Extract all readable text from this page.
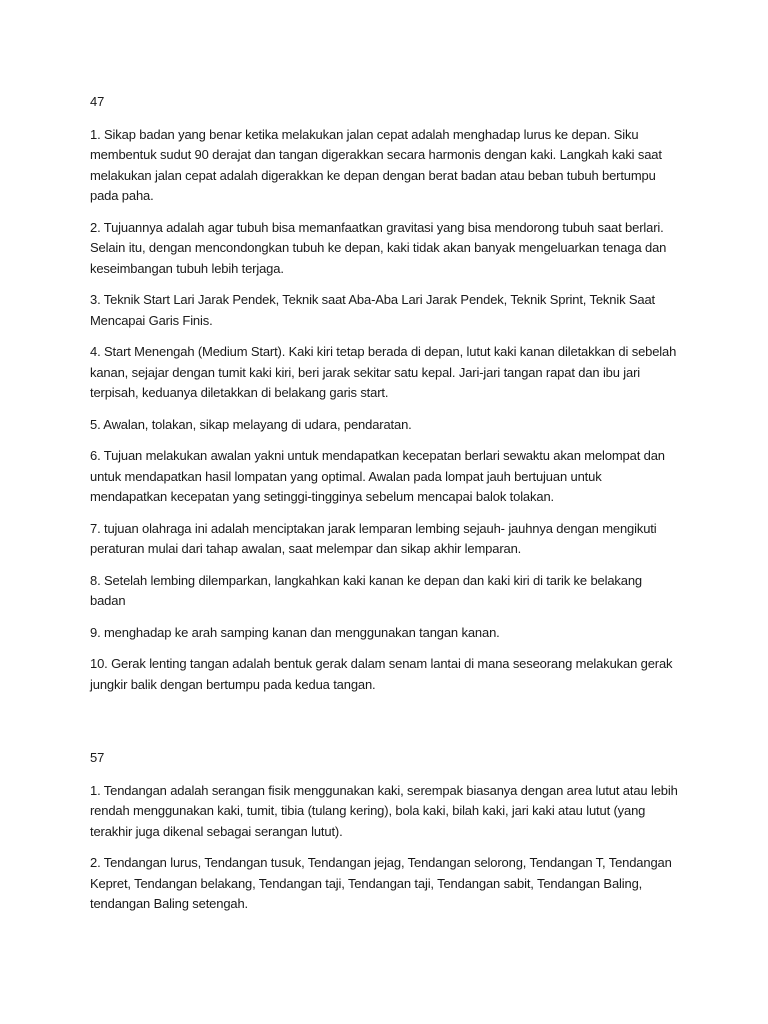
47

1. Sikap badan yang benar ketika melakukan jalan cepat adalah menghadap lurus ke depan. Siku membentuk sudut 90 derajat dan tangan digerakkan secara harmonis dengan kaki. Langkah kaki saat melakukan jalan cepat adalah digerakkan ke depan dengan berat badan atau beban tubuh bertumpu pada paha.

2. Tujuannya adalah agar tubuh bisa memanfaatkan gravitasi yang bisa mendorong tubuh saat berlari. Selain itu, dengan mencondongkan tubuh ke depan, kaki tidak akan banyak mengeluarkan tenaga dan keseimbangan tubuh lebih terjaga.

3. Teknik Start Lari Jarak Pendek, Teknik saat Aba-Aba Lari Jarak Pendek, Teknik Sprint, Teknik Saat Mencapai Garis Finis.

4. Start Menengah (Medium Start). Kaki kiri tetap berada di depan, lutut kaki kanan diletakkan di sebelah kanan, sejajar dengan tumit kaki kiri, beri jarak sekitar satu kepal. Jari-jari tangan rapat dan ibu jari terpisah, keduanya diletakkan di belakang garis start.

5. Awalan, tolakan, sikap melayang di udara, pendaratan.

6. Tujuan melakukan awalan yakni untuk mendapatkan kecepatan berlari sewaktu akan melompat dan untuk mendapatkan hasil lompatan yang optimal. Awalan pada lompat jauh bertujuan untuk mendapatkan kecepatan yang setinggi-tingginya sebelum mencapai balok tolakan.

7. tujuan olahraga ini adalah menciptakan jarak lemparan lembing sejauh- jauhnya dengan mengikuti peraturan mulai dari tahap awalan, saat melempar dan sikap akhir lemparan.

8. Setelah lembing dilemparkan, langkahkan kaki kanan ke depan dan kaki kiri di tarik ke belakang badan

9. menghadap ke arah samping kanan dan menggunakan tangan kanan.

10. Gerak lenting tangan adalah bentuk gerak dalam senam lantai di mana seseorang melakukan gerak jungkir balik dengan bertumpu pada kedua tangan.

57

1. Tendangan adalah serangan fisik menggunakan kaki, serempak biasanya dengan area lutut atau lebih rendah menggunakan kaki, tumit, tibia (tulang kering), bola kaki, bilah kaki, jari kaki atau lutut (yang terakhir juga dikenal sebagai serangan lutut).

2. Tendangan lurus, Tendangan tusuk, Tendangan jejag, Tendangan selorong, Tendangan T, Tendangan Kepret, Tendangan belakang, Tendangan taji, Tendangan taji, Tendangan sabit, Tendangan Baling, tendangan Baling setengah.
